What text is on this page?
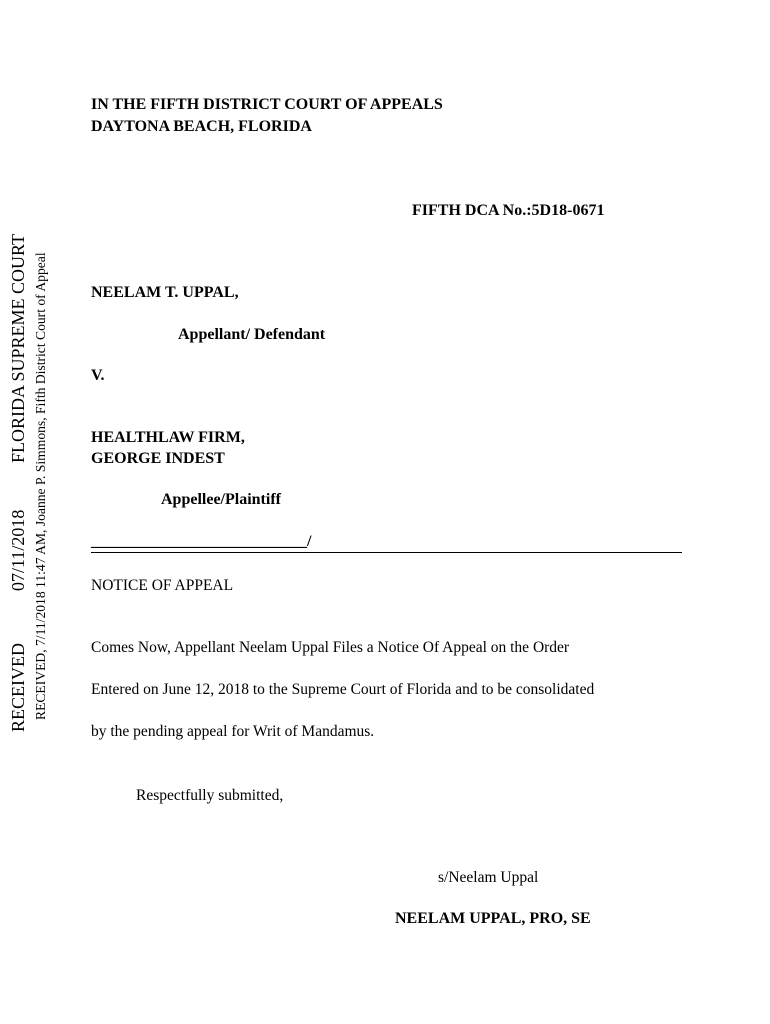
RECEIVED
07/11/2018
FLORIDA SUPREME COURT RECEIVED, 7/11/2018 11:47 AM, Joanne P. Simmons, Fifth District Court of Appeal
IN THE FIFTH DISTRICT COURT OF APPEALS
DAYTONA BEACH, FLORIDA
FIFTH DCA No.:5D18-0671
NEELAM T. UPPAL,
Appellant/ Defendant
V.
HEALTHLAW FIRM,
GEORGE INDEST
Appellee/Plaintiff
___________________________/
NOTICE OF APPEAL
Comes Now, Appellant Neelam Uppal Files a Notice Of Appeal on the Order
Entered on June 12, 2018 to the Supreme Court of Florida and to be consolidated
by the pending appeal for Writ of Mandamus.
Respectfully submitted,
s/Neelam Uppal
NEELAM UPPAL, PRO, SE
